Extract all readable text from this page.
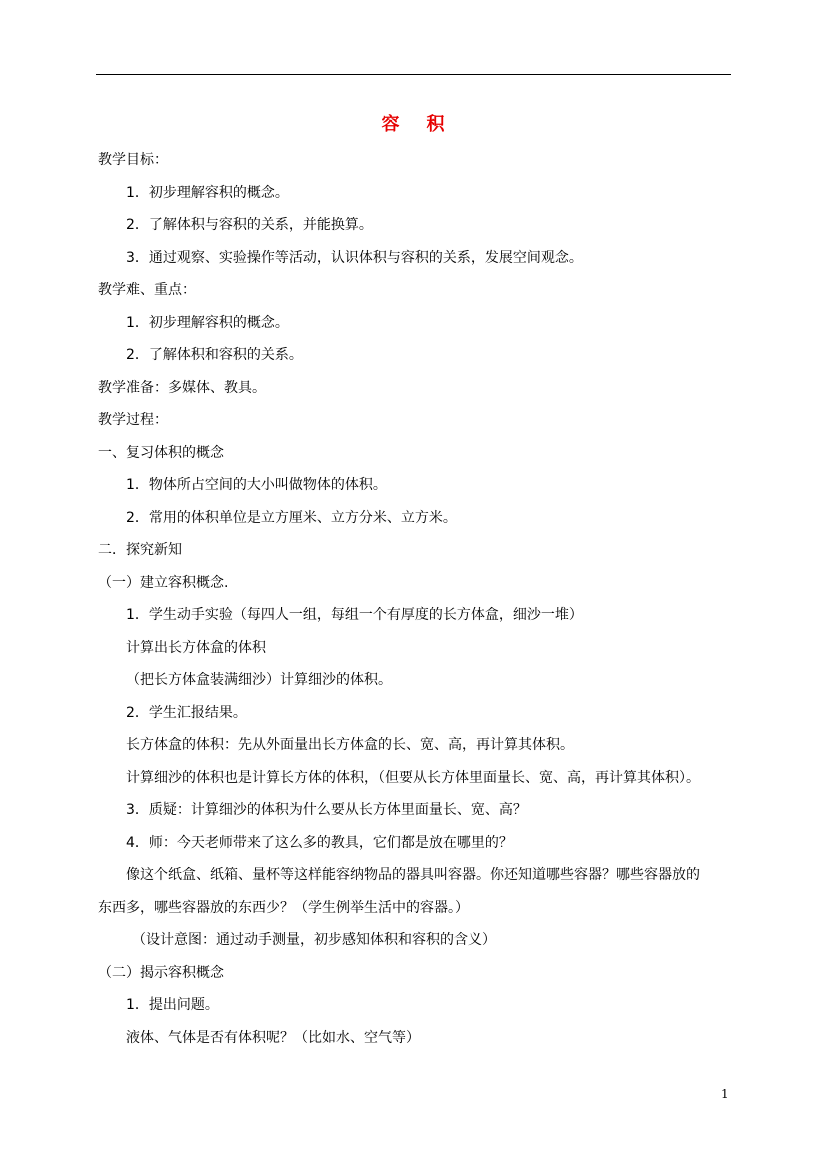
容 积
教学目标：
1．初步理解容积的概念。
2．了解体积与容积的关系，并能换算。
3．通过观察、实验操作等活动，认识体积与容积的关系，发展空间观念。
教学难、重点：
1．初步理解容积的概念。
2．了解体积和容积的关系。
教学准备：多媒体、教具。
教学过程：
一、复习体积的概念
1．物体所占空间的大小叫做物体的体积。
2．常用的体积单位是立方厘米、立方分米、立方米。
二．探究新知
（一）建立容积概念.
1．学生动手实验（每四人一组，每组一个有厚度的长方体盒，细沙一堆）
计算出长方体盒的体积
（把长方体盒装满细沙）计算细沙的体积。
2．学生汇报结果。
长方体盒的体积：先从外面量出长方体盒的长、宽、高，再计算其体积。
计算细沙的体积也是计算长方体的体积，（但要从长方体里面量长、宽、高，再计算其体积）。
3．质疑：计算细沙的体积为什么要从长方体里面量长、宽、高？
4．师：今天老师带来了这么多的教具，它们都是放在哪里的？
像这个纸盒、纸箱、量杯等这样能容纳物品的器具叫容器。你还知道哪些容器？哪些容器放的
东西多，哪些容器放的东西少？（学生例举生活中的容器。）
（设计意图：通过动手测量，初步感知体积和容积的含义）
（二）揭示容积概念
1．提出问题。
液体、气体是否有体积呢？（比如水、空气等）
1
